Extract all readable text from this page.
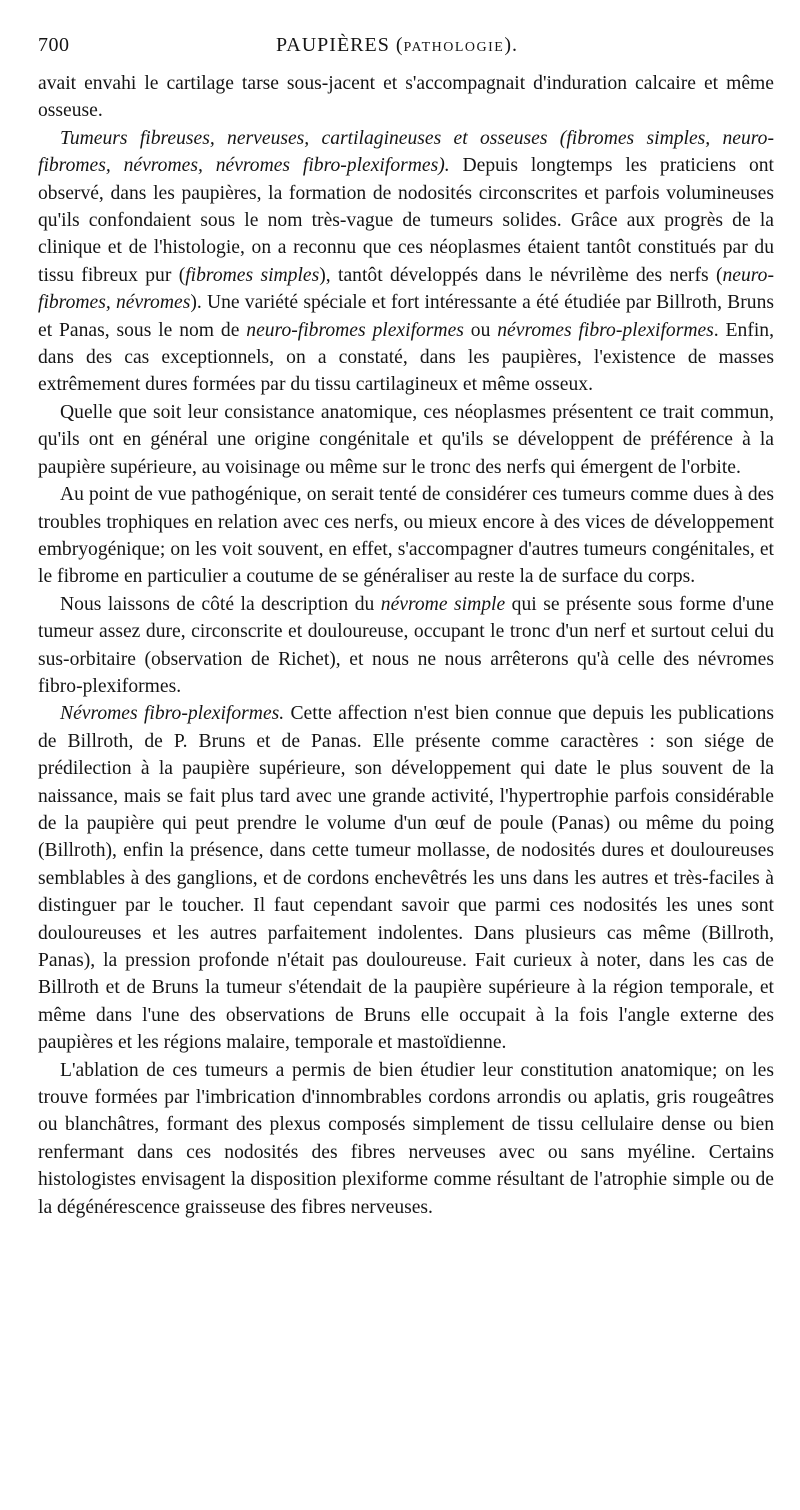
700	PAUPIÈRES (PATHOLOGIE).

avait envahi le cartilage tarse sous-jacent et s'accompagnait d'induration calcaire et même osseuse.

Tumeurs fibreuses, nerveuses, cartilagineuses et osseuses (fibromes simples, neuro-fibromes, névromes, névromes fibro-plexiformes). Depuis longtemps les praticiens ont observé, dans les paupières, la formation de nodosités circonscrites et parfois volumineuses qu'ils confondaient sous le nom très-vague de tumeurs solides. Grâce aux progrès de la clinique et de l'histologie, on a reconnu que ces néoplasmes étaient tantôt constitués par du tissu fibreux pur (fibromes simples), tantôt développés dans le névrilème des nerfs (neuro-fibromes, névromes). Une variété spéciale et fort intéressante a été étudiée par Billroth, Bruns et Panas, sous le nom de neuro-fibromes plexiformes ou névromes fibro-plexiformes. Enfin, dans des cas exceptionnels, on a constaté, dans les paupières, l'existence de masses extrêmement dures formées par du tissu cartilagineux et même osseux.

Quelle que soit leur consistance anatomique, ces néoplasmes présentent ce trait commun, qu'ils ont en général une origine congénitale et qu'ils se développent de préférence à la paupière supérieure, au voisinage ou même sur le tronc des nerfs qui émergent de l'orbite.

Au point de vue pathogénique, on serait tenté de considérer ces tumeurs comme dues à des troubles trophiques en relation avec ces nerfs, ou mieux encore à des vices de développement embryogénique; on les voit souvent, en effet, s'accompagner d'autres tumeurs congénitales, et le fibrome en particulier a coutume de se généraliser au reste la de surface du corps.

Nous laissons de côté la description du névrome simple qui se présente sous forme d'une tumeur assez dure, circonscrite et douloureuse, occupant le tronc d'un nerf et surtout celui du sus-orbitaire (observation de Richet), et nous ne nous arrêterons qu'à celle des névromes fibro-plexiformes.

Névromes fibro-plexiformes. Cette affection n'est bien connue que depuis les publications de Billroth, de P. Bruns et de Panas. Elle présente comme caractères : son siége de prédilection à la paupière supérieure, son développement qui date le plus souvent de la naissance, mais se fait plus tard avec une grande activité, l'hypertrophie parfois considérable de la paupière qui peut prendre le volume d'un œuf de poule (Panas) ou même du poing (Billroth), enfin la présence, dans cette tumeur mollasse, de nodosités dures et douloureuses semblables à des ganglions, et de cordons enchevêtrés les uns dans les autres et très-faciles à distinguer par le toucher. Il faut cependant savoir que parmi ces nodosités les unes sont douloureuses et les autres parfaitement indolentes. Dans plusieurs cas même (Billroth, Panas), la pression profonde n'était pas douloureuse. Fait curieux à noter, dans les cas de Billroth et de Bruns la tumeur s'étendait de la paupière supérieure à la région temporale, et même dans l'une des observations de Bruns elle occupait à la fois l'angle externe des paupières et les régions malaire, temporale et mastoïdienne.

L'ablation de ces tumeurs a permis de bien étudier leur constitution anatomique; on les trouve formées par l'imbrication d'innombrables cordons arrondis ou aplatis, gris rougeâtres ou blanchâtres, formant des plexus composés simplement de tissu cellulaire dense ou bien renfermant dans ces nodosités des fibres nerveuses avec ou sans myéline. Certains histologistes envisagent la disposition plexiforme comme résultant de l'atrophie simple ou de la dégénérescence graisseuse des fibres nerveuses.
